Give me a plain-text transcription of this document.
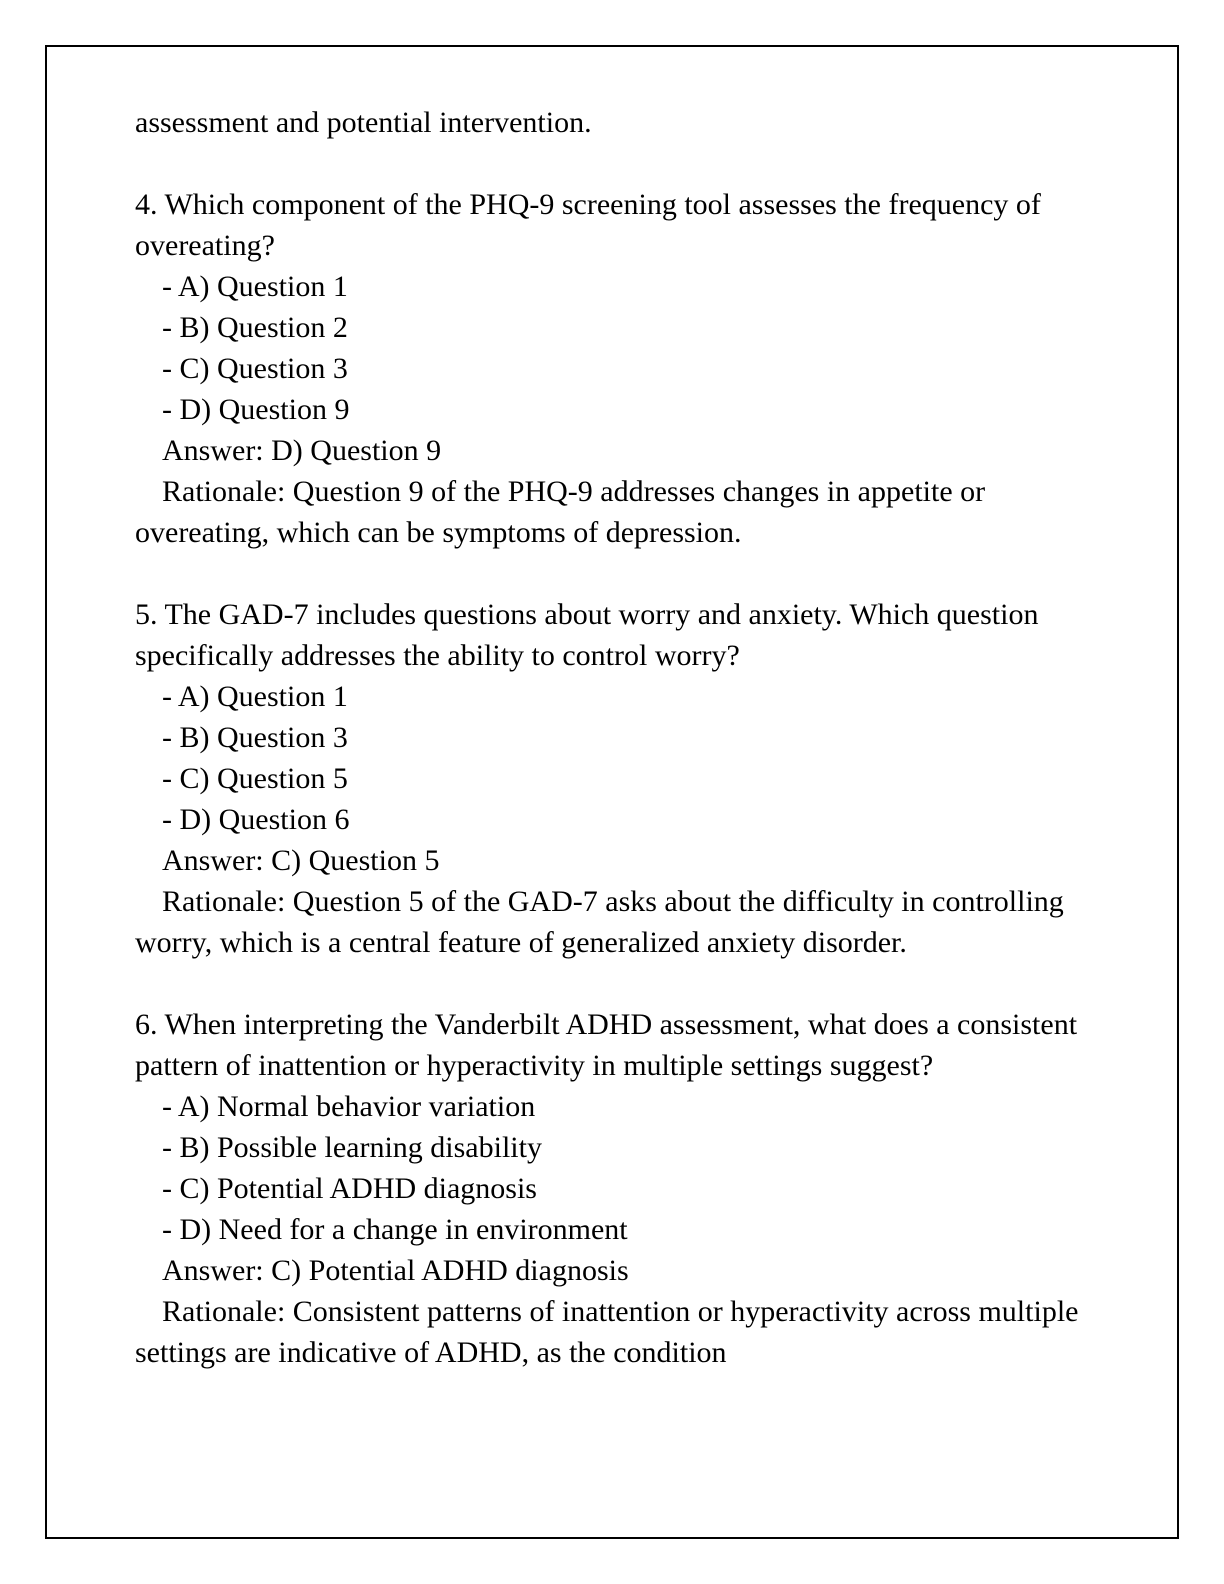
assessment and potential intervention.

4. Which component of the PHQ-9 screening tool assesses the frequency of overeating?

- A) Question 1

- B) Question 2

- C) Question 3

- D) Question 9

Answer: D) Question 9

Rationale: Question 9 of the PHQ-9 addresses changes in appetite or overeating, which can be symptoms of depression.

5. The GAD-7 includes questions about worry and anxiety. Which question specifically addresses the ability to control worry?

- A) Question 1

- B) Question 3

- C) Question 5

- D) Question 6

Answer: C) Question 5

Rationale: Question 5 of the GAD-7 asks about the difficulty in controlling worry, which is a central feature of generalized anxiety disorder.

6. When interpreting the Vanderbilt ADHD assessment, what does a consistent pattern of inattention or hyperactivity in multiple settings suggest?

- A) Normal behavior variation

- B) Possible learning disability

- C) Potential ADHD diagnosis

- D) Need for a change in environment

Answer: C) Potential ADHD diagnosis

Rationale: Consistent patterns of inattention or hyperactivity across multiple settings are indicative of ADHD, as the condition
